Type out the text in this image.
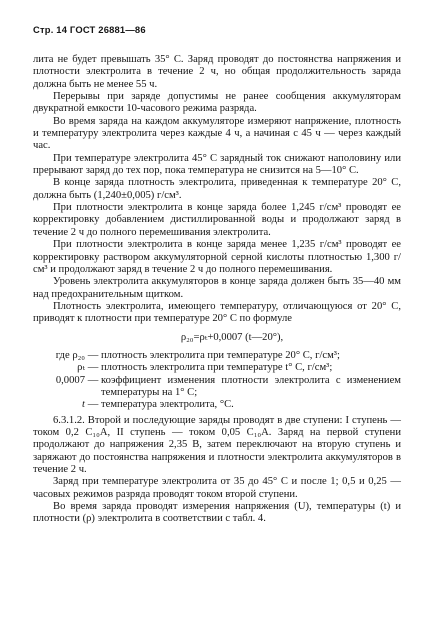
Стр. 14 ГОСТ 26881—86

лита не будет превышать 35° С. Заряд проводят до постоянства напряжения и плотности электролита в течение 2 ч, но общая продолжительность заряда должна быть не менее 55 ч.

Перерывы при заряде допустимы не ранее сообщения аккумуляторам двукратной емкости 10-часового режима разряда.

Во время заряда на каждом аккумуляторе измеряют напряжение, плотность и температуру электролита через каждые 4 ч, а начиная с 45 ч — через каждый час.

При температуре электролита 45° С зарядный ток снижают наполовину или прерывают заряд до тех пор, пока температура не снизится на 5—10° С.

В конце заряда плотность электролита, приведенная к температуре 20° С, должна быть (1,240±0,005) г/см³.

При плотности электролита в конце заряда более 1,245 г/см³ проводят ее корректировку добавлением дистиллированной воды и продолжают заряд в течение 2 ч до полного перемешивания электролита.

При плотности электролита в конце заряда менее 1,235 г/см³ проводят ее корректировку раствором аккумуляторной серной кислоты плотностью 1,300 г/см³ и продолжают заряд в течение 2 ч до полного перемешивания.

Уровень электролита аккумуляторов в конце заряда должен быть 35—40 мм над предохранительным щитком.

Плотность электролита, имеющего температуру, отличающуюся от 20° С, приводят к плотности при температуре 20° С по формуле

ρ₂₀=ρₜ+0,0007 (t—20°),
где ρ₂₀ — плотность электролита при температуре 20° С, г/см³;
ρₜ — плотность электролита при температуре t° С, г/см³;
0,0007 — коэффициент изменения плотности электролита с изменением температуры на 1° С;
t — температура электролита, °С.

6.3.1.2. Второй и последующие заряды проводят в две ступени: I ступень — током 0,2 C₁₀A, II ступень — током 0,05 C₁₀A. Заряд на первой ступени продолжают до напряжения 2,35 В, затем переключают на вторую ступень и заряжают до постоянства напряжения и плотности электролита аккумуляторов в течение 2 ч.

Заряд при температуре электролита от 35 до 45° С и после 1; 0,5 и 0,25 — часовых режимов разряда проводят током второй ступени.

Во время заряда проводят измерения напряжения (U), температуры (t) и плотности (ρ) электролита в соответствии с табл. 4.
